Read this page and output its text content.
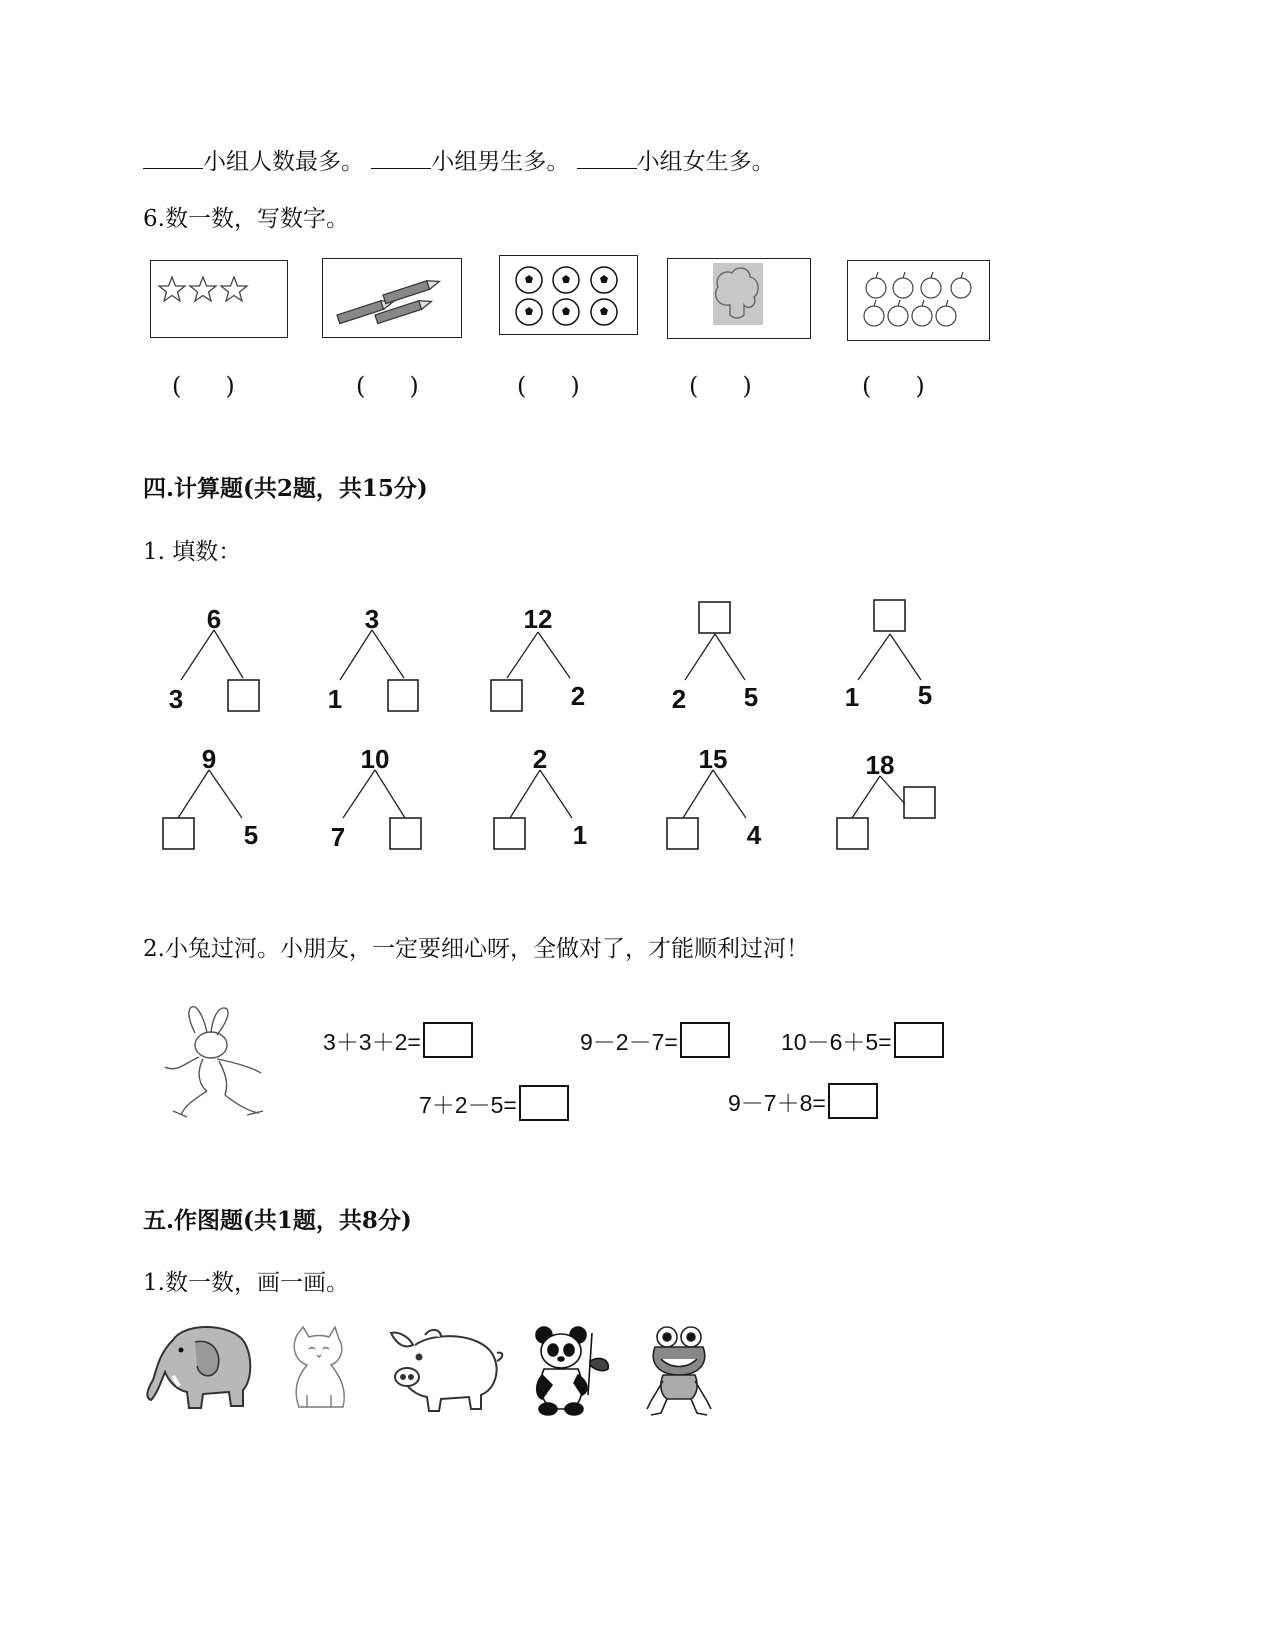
小组人数最多。	小组男生多。	小组女生多。
6.数一数，写数字。
( )	( )	( )	( )	( )
四.计算题(共2题，共15分)
1. 填数：
6
3
3
1
12
2	2 5	1 5
9
5
10
7
2
1
15
4
18
2.小兔过河。小朋友，一定要细心呀，全做对了，才能顺利过河！
3＋3＋2=	9－2－7=	10－6＋5=
7＋2－5=	9－7＋8=
五.作图题(共1题，共8分)
1.数一数，画一画。
